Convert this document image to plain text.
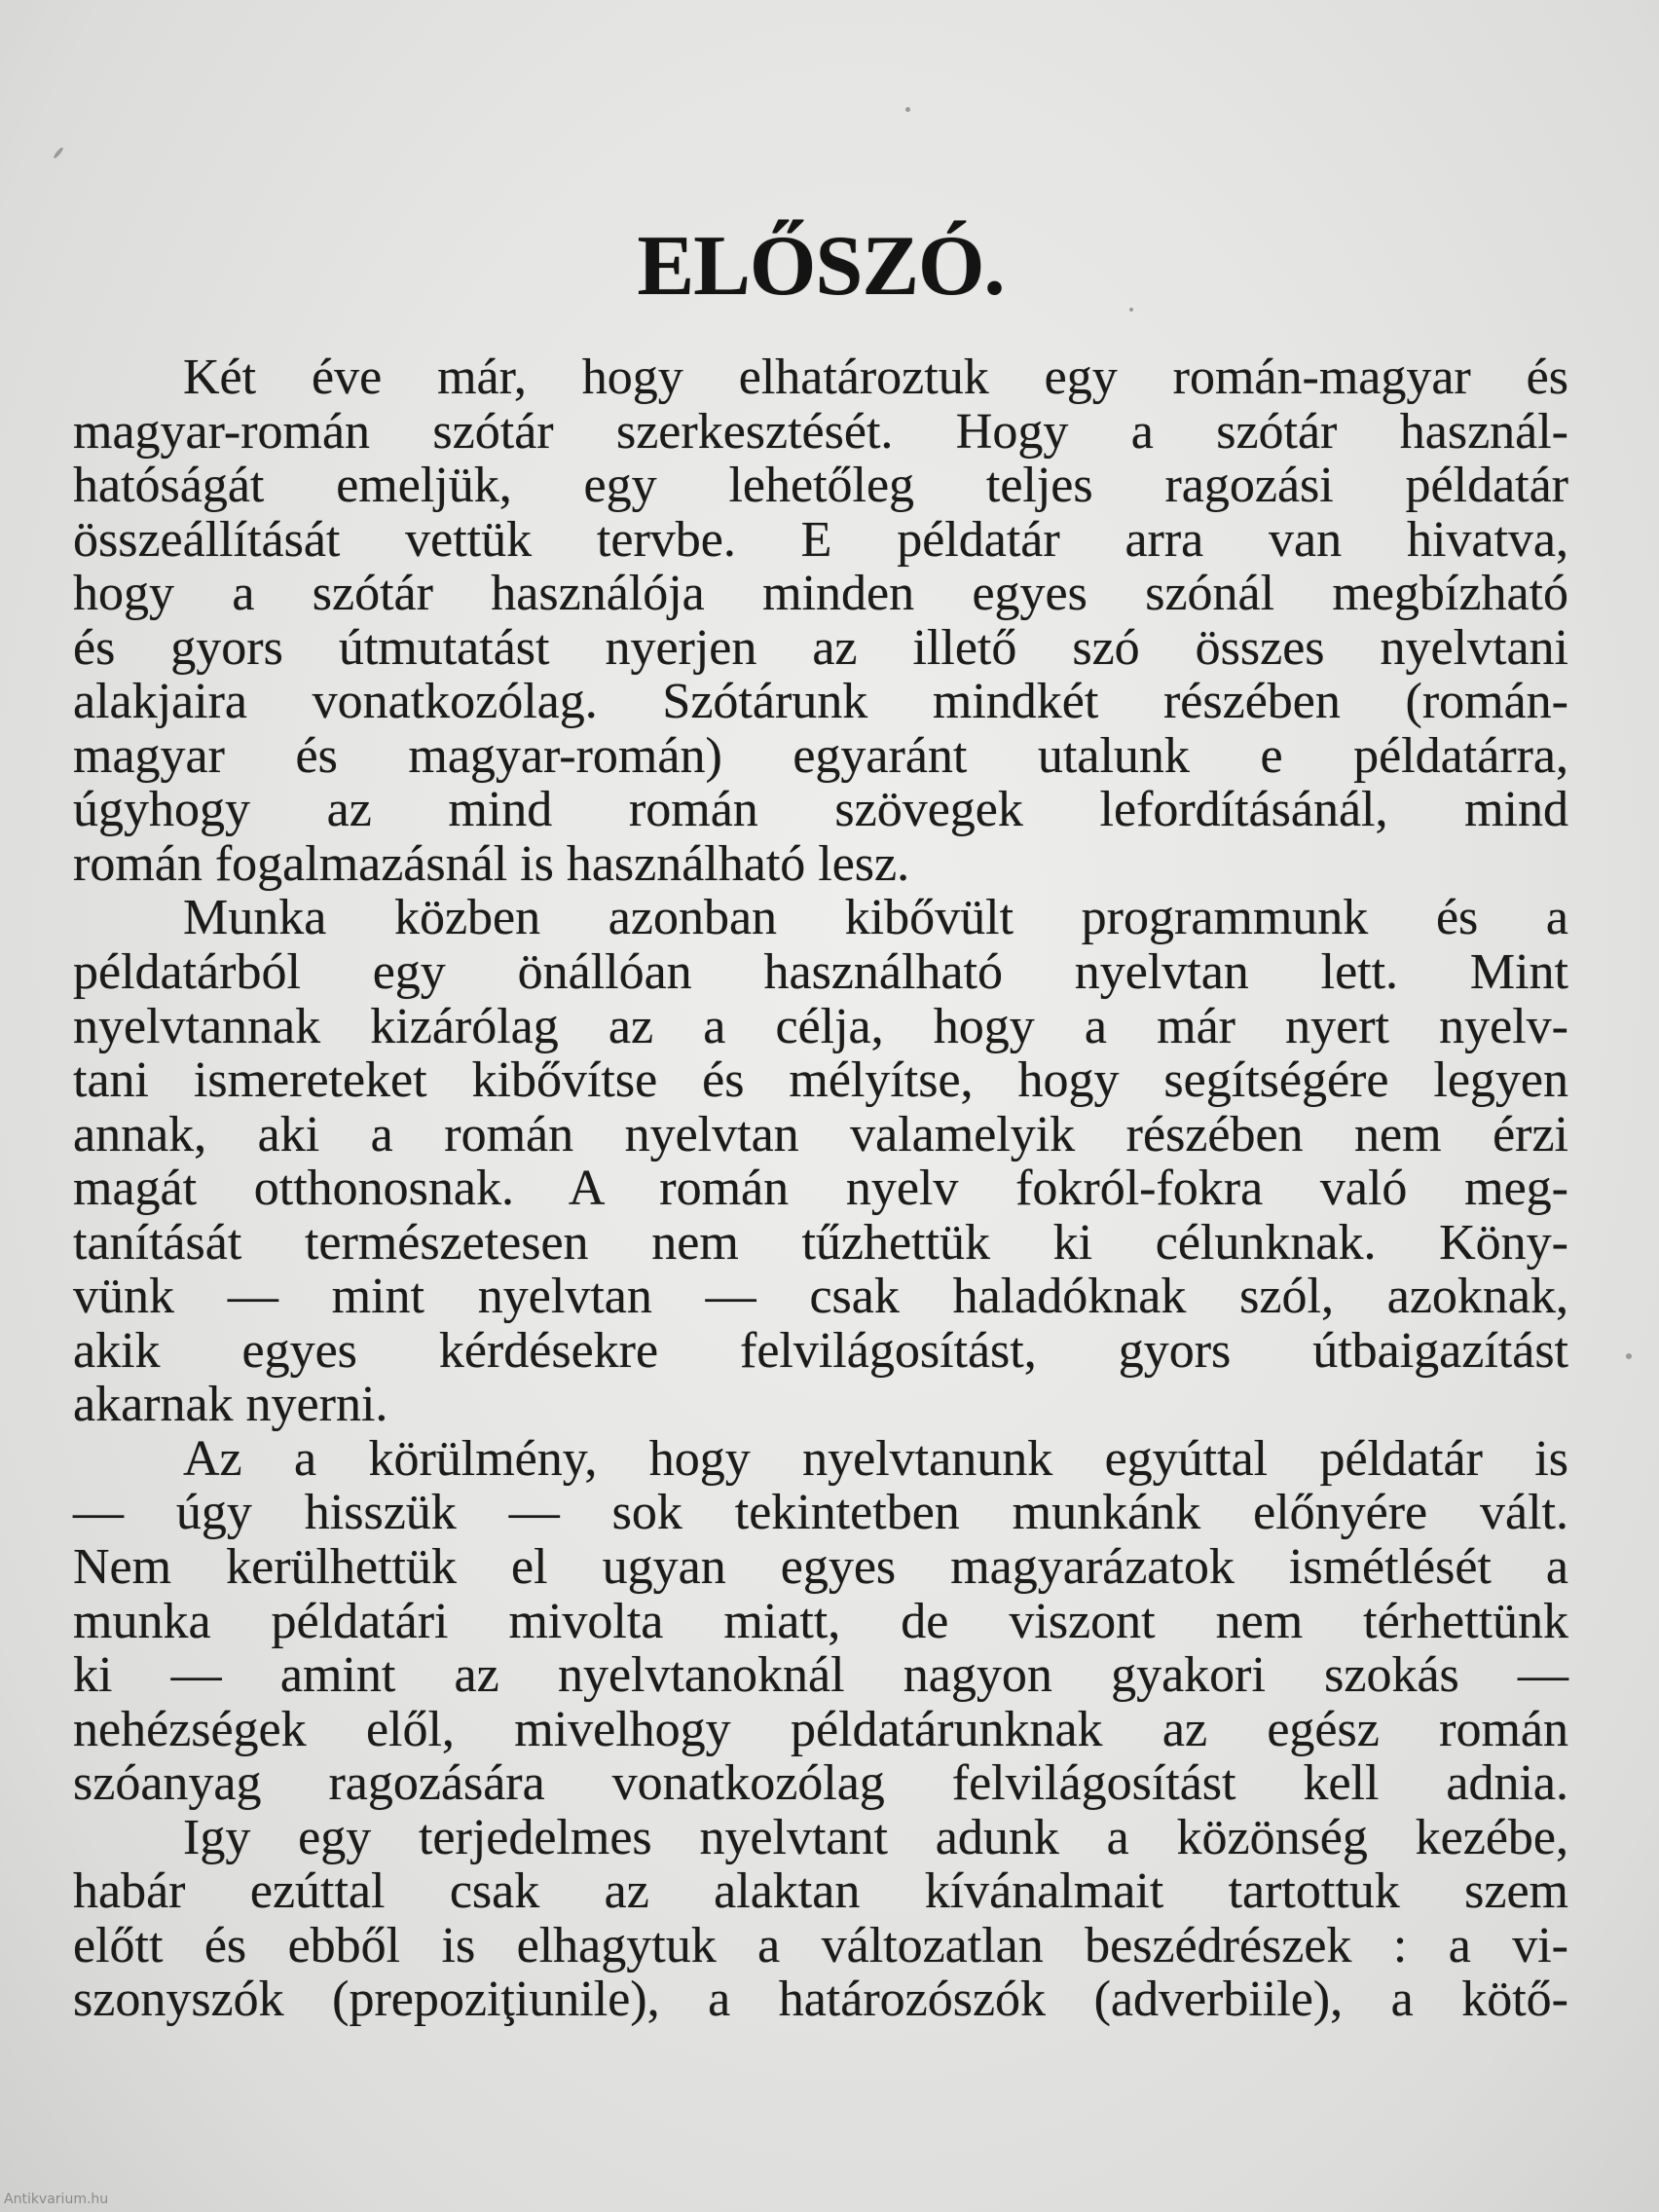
ELŐSZÓ.
Két éve már, hogy elhatároztuk egy román-magyar és
magyar-román szótár szerkesztését. Hogy a szótár használ-
hatóságát emeljük, egy lehetőleg teljes ragozási példatár
összeállítását vettük tervbe. E példatár arra van hivatva,
hogy a szótár használója minden egyes szónál megbízható
és gyors útmutatást nyerjen az illető szó összes nyelvtani
alakjaira vonatkozólag. Szótárunk mindkét részében (román-
magyar és magyar-román) egyaránt utalunk e példatárra,
úgyhogy az mind román szövegek lefordításánál, mind
román fogalmazásnál is használható lesz.
Munka közben azonban kibővült programmunk és a
példatárból egy önállóan használható nyelvtan lett. Mint
nyelvtannak kizárólag az a célja, hogy a már nyert nyelv-
tani ismereteket kibővítse és mélyítse, hogy segítségére legyen
annak, aki a román nyelvtan valamelyik részében nem érzi
magát otthonosnak. A román nyelv fokról-fokra való meg-
tanítását természetesen nem tűzhettük ki célunknak. Köny-
vünk — mint nyelvtan — csak haladóknak szól, azoknak,
akik egyes kérdésekre felvilágosítást, gyors útbaigazítást
akarnak nyerni.
Az a körülmény, hogy nyelvtanunk egyúttal példatár is
— úgy hisszük — sok tekintetben munkánk előnyére vált.
Nem kerülhettük el ugyan egyes magyarázatok ismétlését a
munka példatári mivolta miatt, de viszont nem térhettünk
ki — amint az nyelvtanoknál nagyon gyakori szokás —
nehézségek elől, mivelhogy példatárunknak az egész román
szóanyag ragozására vonatkozólag felvilágosítást kell adnia.
Igy egy terjedelmes nyelvtant adunk a közönség kezébe,
habár ezúttal csak az alaktan kívánalmait tartottuk szem
előtt és ebből is elhagytuk a változatlan beszédrészek : a vi-
szonyszók (prepoziţiunile), a határozószók (adverbiile), a kötő-
Antikvarium.hu
